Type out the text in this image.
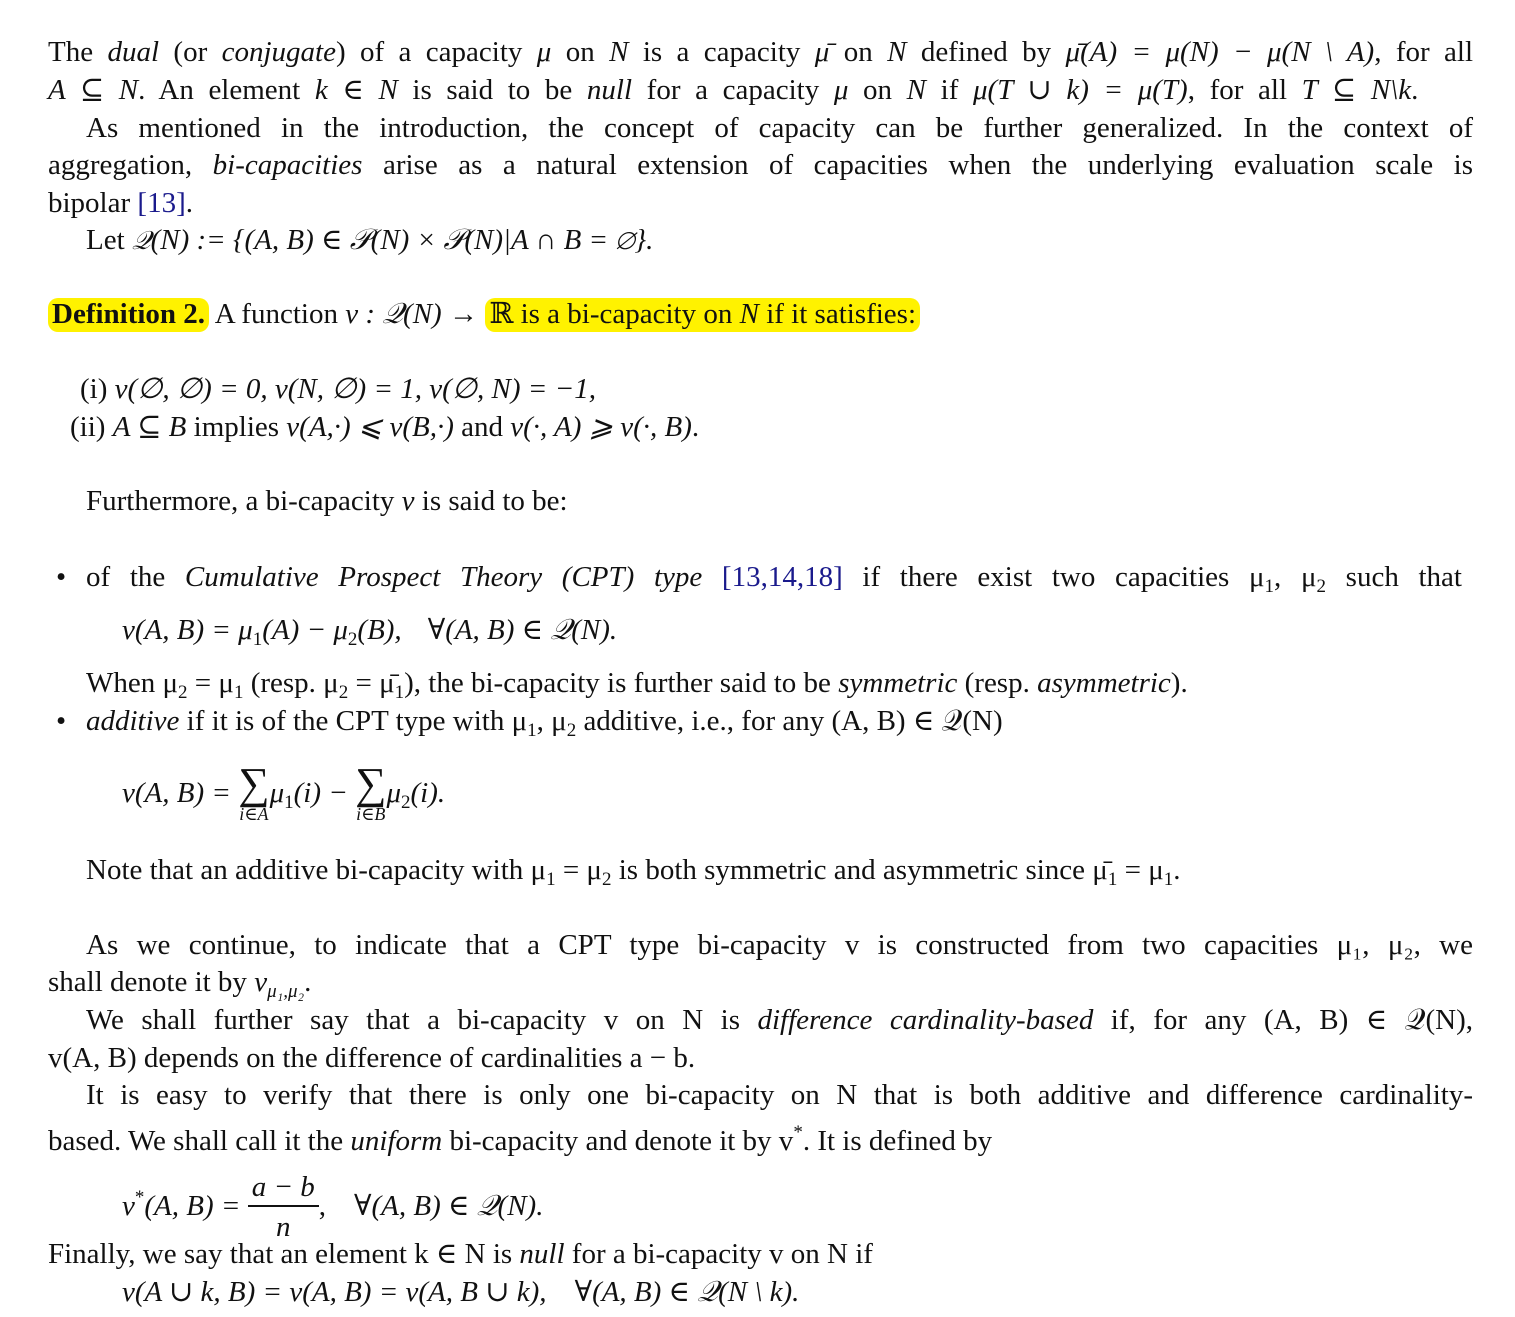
The dual (or conjugate) of a capacity μ on N is a capacity μ̄ on N defined by μ̄(A) = μ(N) − μ(N \ A), for all
A ⊆ N. An element k ∈ N is said to be null for a capacity μ on N if μ(T ∪ k) = μ(T), for all T ⊆ N\k.
As mentioned in the introduction, the concept of capacity can be further generalized. In the context of
aggregation, bi-capacities arise as a natural extension of capacities when the underlying evaluation scale is
bipolar [13].
Let 𝒬(N) := {(A, B) ∈ 𝒫(N) × 𝒫(N)|A ∩ B = ∅}.
Definition 2. A function v : 𝒬(N) → ℝ is a bi-capacity on N if it satisfies:
(i) v(∅, ∅) = 0, v(N, ∅) = 1, v(∅, N) = −1,
(ii) A ⊆ B implies v(A,·) ⩽ v(B,·) and v(·, A) ⩾ v(·, B).
Furthermore, a bi-capacity v is said to be:
• of the Cumulative Prospect Theory (CPT) type [13,14,18] if there exist two capacities $\mu_1$, $\mu_2$ such that
v(A, $B) = \mu_1(A) - \mu_2(B)$, ∀(A, B) ∈ 𝒬(N).
When $\mu_2 = \mu_1$ (resp. $\mu_2$ = $\mū_1$), the bi-capacity is further said to be symmetric (resp. asymmetric).
• additive if it is of the CPT type with $\mu_1$, $\mu_2$ additive, i.e., for any (A, B) ∈ 𝒬(N)
v(A, B) = ∑
i∈A
$\mu_1(i)$ − ∑
i∈B
$\mu_2(i)$.
Note that an additive bi-capacity with $\mu_1 = \mu_2$ is both symmetric and asymmetric since $\mū_1 = \mu_1$.
As we continue, to indicate that a CPT type bi-capacity v is constructed from two capacities μ₁, μ₂, we
shall denote it by $v_{\mu_1,\mu_2}$.
We shall further say that a bi-capacity v on N is difference cardinality-based if, for any (A, B) ∈ 𝒬(N),
v(A, B) depends on the difference of cardinalities a − b.
It is easy to verify that there is only one bi-capacity on N that is both additive and difference cardinality-
based. We shall call it the uniform bi-capacity and denote it by v*. It is defined by
v*(A, $B) = \frac{a - b}{n}$ , ∀(A, B) ∈ 𝒬(N).
Finally, we say that an element k ∈ N is null for a bi-capacity v on N if
v(A ∪ k, B) = v(A, B) = v(A, B ∪ k), ∀(A, B) ∈ 𝒬(N \ k).
